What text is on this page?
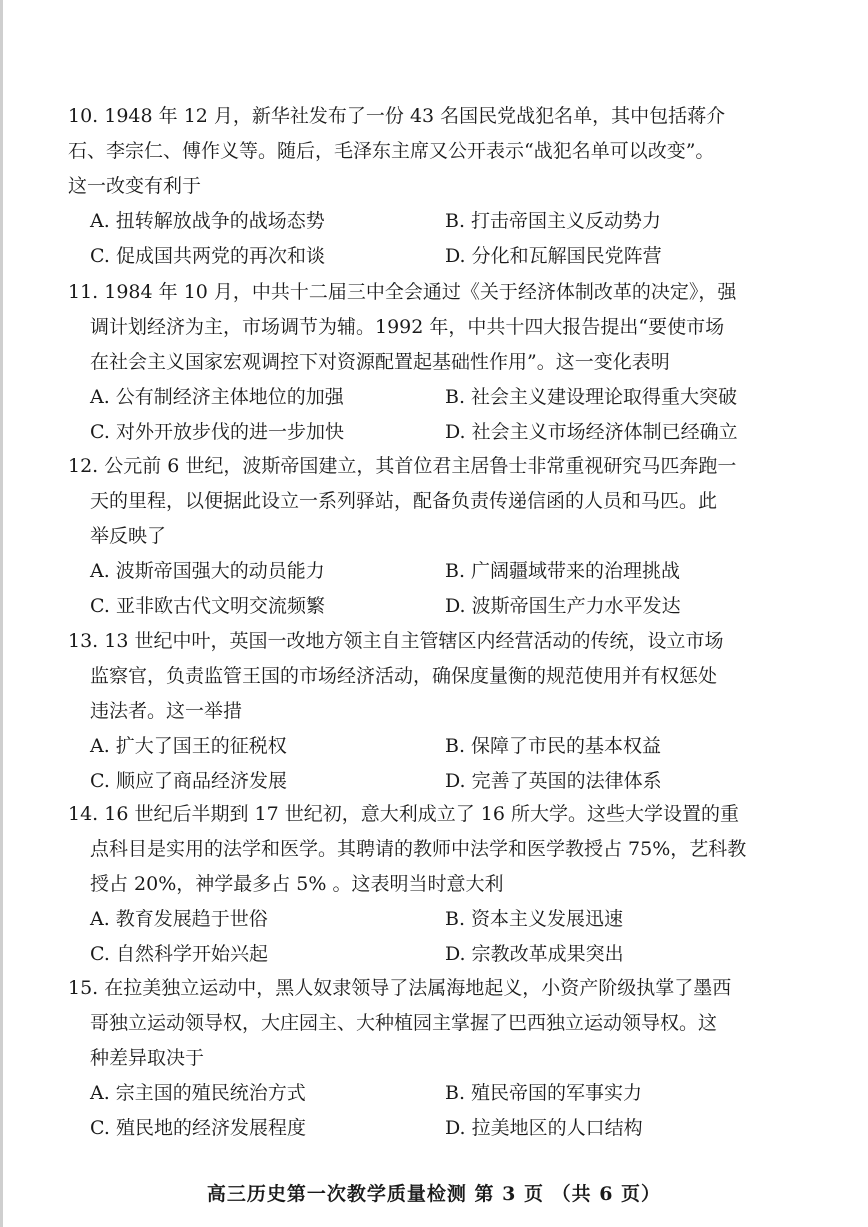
10. 1948 年 12 月，新华社发布了一份 43 名国民党战犯名单，其中包括蒋介
石、李宗仁、傅作义等。随后，毛泽东主席又公开表示“战犯名单可以改变”。
这一改变有利于
A. 扭转解放战争的战场态势	B. 打击帝国主义反动势力
C. 促成国共两党的再次和谈	D. 分化和瓦解国民党阵营
11. 1984 年 10 月，中共十二届三中全会通过《关于经济体制改革的决定》，强
调计划经济为主，市场调节为辅。1992 年，中共十四大报告提出“要使市场
在社会主义国家宏观调控下对资源配置起基础性作用”。这一变化表明
A. 公有制经济主体地位的加强	B. 社会主义建设理论取得重大突破
C. 对外开放步伐的进一步加快	D. 社会主义市场经济体制已经确立
12. 公元前 6 世纪，波斯帝国建立，其首位君主居鲁士非常重视研究马匹奔跑一
天的里程，以便据此设立一系列驿站，配备负责传递信函的人员和马匹。此
举反映了
A. 波斯帝国强大的动员能力	B. 广阔疆域带来的治理挑战
C. 亚非欧古代文明交流频繁	D. 波斯帝国生产力水平发达
13. 13 世纪中叶，英国一改地方领主自主管辖区内经营活动的传统，设立市场
监察官，负责监管王国的市场经济活动，确保度量衡的规范使用并有权惩处
违法者。这一举措
A. 扩大了国王的征税权	B. 保障了市民的基本权益
C. 顺应了商品经济发展	D. 完善了英国的法律体系
14. 16 世纪后半期到 17 世纪初，意大利成立了 16 所大学。这些大学设置的重
点科目是实用的法学和医学。其聘请的教师中法学和医学教授占 75%，艺科教
授占 20%，神学最多占 5% 。这表明当时意大利
A. 教育发展趋于世俗	B. 资本主义发展迅速
C. 自然科学开始兴起	D. 宗教改革成果突出
15. 在拉美独立运动中，黑人奴隶领导了法属海地起义，小资产阶级执掌了墨西
哥独立运动领导权，大庄园主、大种植园主掌握了巴西独立运动领导权。这
种差异取决于
A. 宗主国的殖民统治方式	B. 殖民帝国的军事实力
C. 殖民地的经济发展程度	D. 拉美地区的人口结构
高三历史第一次教学质量检测 第 3 页 （共 6 页）
